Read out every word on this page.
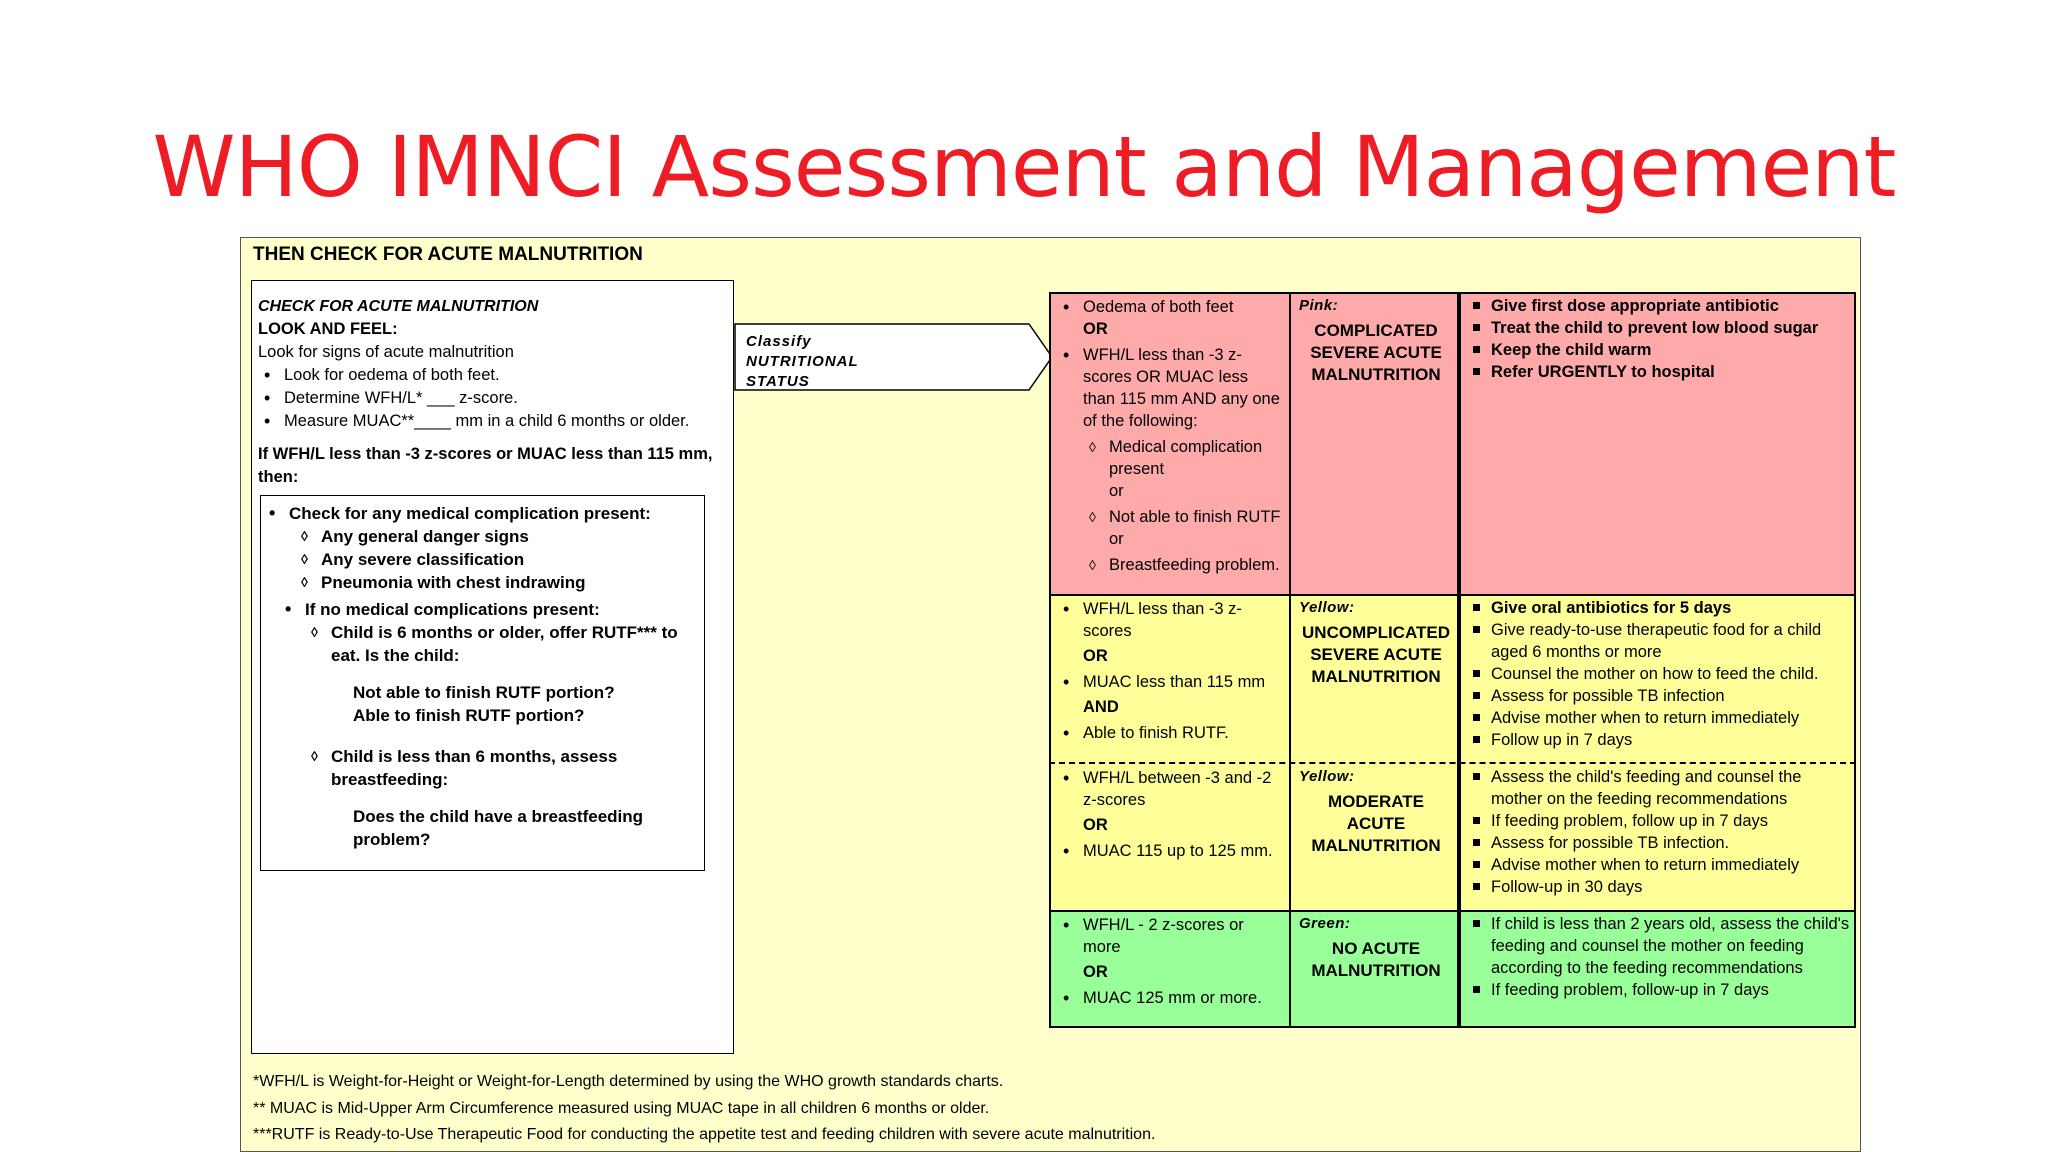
WHO IMNCI Assessment and Management
THEN CHECK FOR ACUTE MALNUTRITION
CHECK FOR ACUTE MALNUTRITION
LOOK AND FEEL:
Look for signs of acute malnutrition
• Look for oedema of both feet.
• Determine WFH/L* ___ z-score.
• Measure MUAC**____ mm in a child 6 months or older.
If WFH/L less than -3 z-scores or MUAC less than 115 mm, then:
• Check for any medical complication present:
◊ Any general danger signs
◊ Any severe classification
◊ Pneumonia with chest indrawing
• If no medical complications present:
◊ Child is 6 months or older, offer RUTF*** to eat. Is the child:
Not able to finish RUTF portion?
Able to finish RUTF portion?
◊ Child is less than 6 months, assess breastfeeding:
Does the child have a breastfeeding problem?
Classify
NUTRITIONAL
STATUS
• Oedema of both feet
OR
• WFH/L less than -3 z-scores OR MUAC less than 115 mm AND any one of the following:
◊ Medical complication present
or
◊ Not able to finish RUTF
or
◊ Breastfeeding problem.
Pink:
COMPLICATED SEVERE ACUTE MALNUTRITION
Give first dose appropriate antibiotic
Treat the child to prevent low blood sugar
Keep the child warm
Refer URGENTLY to hospital
• WFH/L less than -3 z-scores
OR
• MUAC less than 115 mm
AND
• Able to finish RUTF.
Yellow:
UNCOMPLICATED SEVERE ACUTE MALNUTRITION
Give oral antibiotics for 5 days
Give ready-to-use therapeutic food for a child aged 6 months or more
Counsel the mother on how to feed the child.
Assess for possible TB infection
Advise mother when to return immediately
Follow up in 7 days
• WFH/L between -3 and -2 z-scores
OR
• MUAC 115 up to 125 mm.
Yellow:
MODERATE ACUTE MALNUTRITION
Assess the child's feeding and counsel the mother on the feeding recommendations
If feeding problem, follow up in 7 days
Assess for possible TB infection.
Advise mother when to return immediately
Follow-up in 30 days
• WFH/L - 2 z-scores or more
OR
• MUAC 125 mm or more.
Green:
NO ACUTE MALNUTRITION
If child is less than 2 years old, assess the child's feeding and counsel the mother on feeding according to the feeding recommendations
If feeding problem, follow-up in 7 days
*WFH/L is Weight-for-Height or Weight-for-Length determined by using the WHO growth standards charts.
** MUAC is Mid-Upper Arm Circumference measured using MUAC tape in all children 6 months or older.
***RUTF is Ready-to-Use Therapeutic Food for conducting the appetite test and feeding children with severe acute malnutrition.
